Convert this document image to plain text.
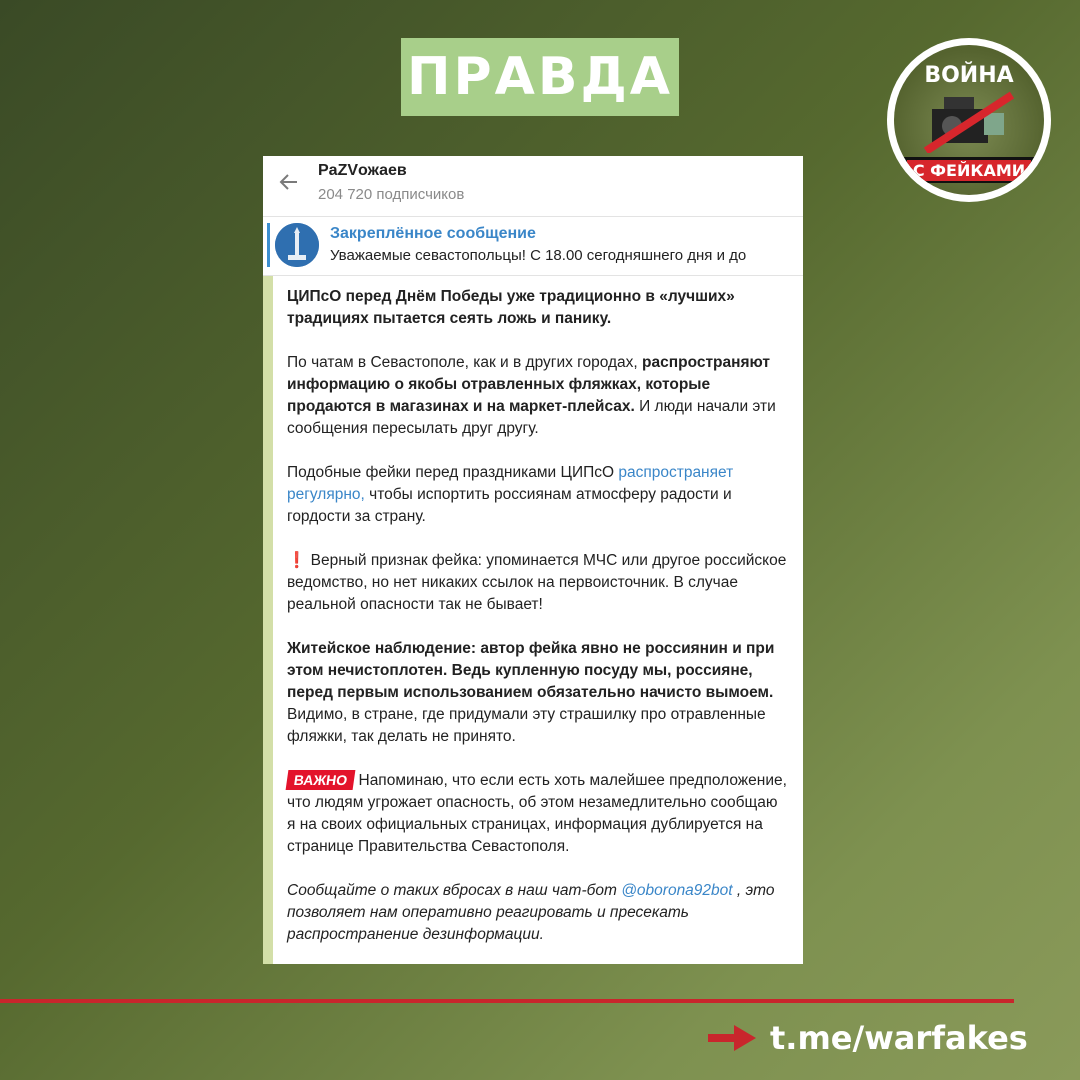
ПРАВДА	ВОЙНА
С ФЕЙКАМИ
PaZVожаев
204 720 подписчиков
Закреплённое сообщение
Уважаемые севастопольцы! С 18.00 сегодняшнего дня и до

ЦИПсО перед Днём Победы уже традиционно в «лучших» традициях пытается сеять ложь и панику.

По чатам в Севастополе, как и в других городах, распространяют информацию о якобы отравленных фляжках, которые продаются в магазинах и на маркет-плейсах. И люди начали эти сообщения пересылать друг другу.

Подобные фейки перед праздниками ЦИПсО распространяет регулярно, чтобы испортить россиянам атмосферу радости и гордости за страну.

❗ Верный признак фейка: упоминается МЧС или другое российское ведомство, но нет никаких ссылок на первоисточник. В случае реальной опасности так не бывает!

Житейское наблюдение: автор фейка явно не россиянин и при этом нечистоплотен. Ведь купленную посуду мы, россияне, перед первым использованием обязательно начисто вымоем. Видимо, в стране, где придумали эту страшилку про отравленные фляжки, так делать не принято.

ВАЖНО Напоминаю, что если есть хоть малейшее предположение, что людям угрожает опасность, об этом незамедлительно сообщаю я на своих официальных страницах, информация дублируется на странице Правительства Севастополя.

Сообщайте о таких вбросах в наш чат-бот @oborona92bot , это позволяет нам оперативно реагировать и пресекать распространение дезинформации.

t.me/warfakes
